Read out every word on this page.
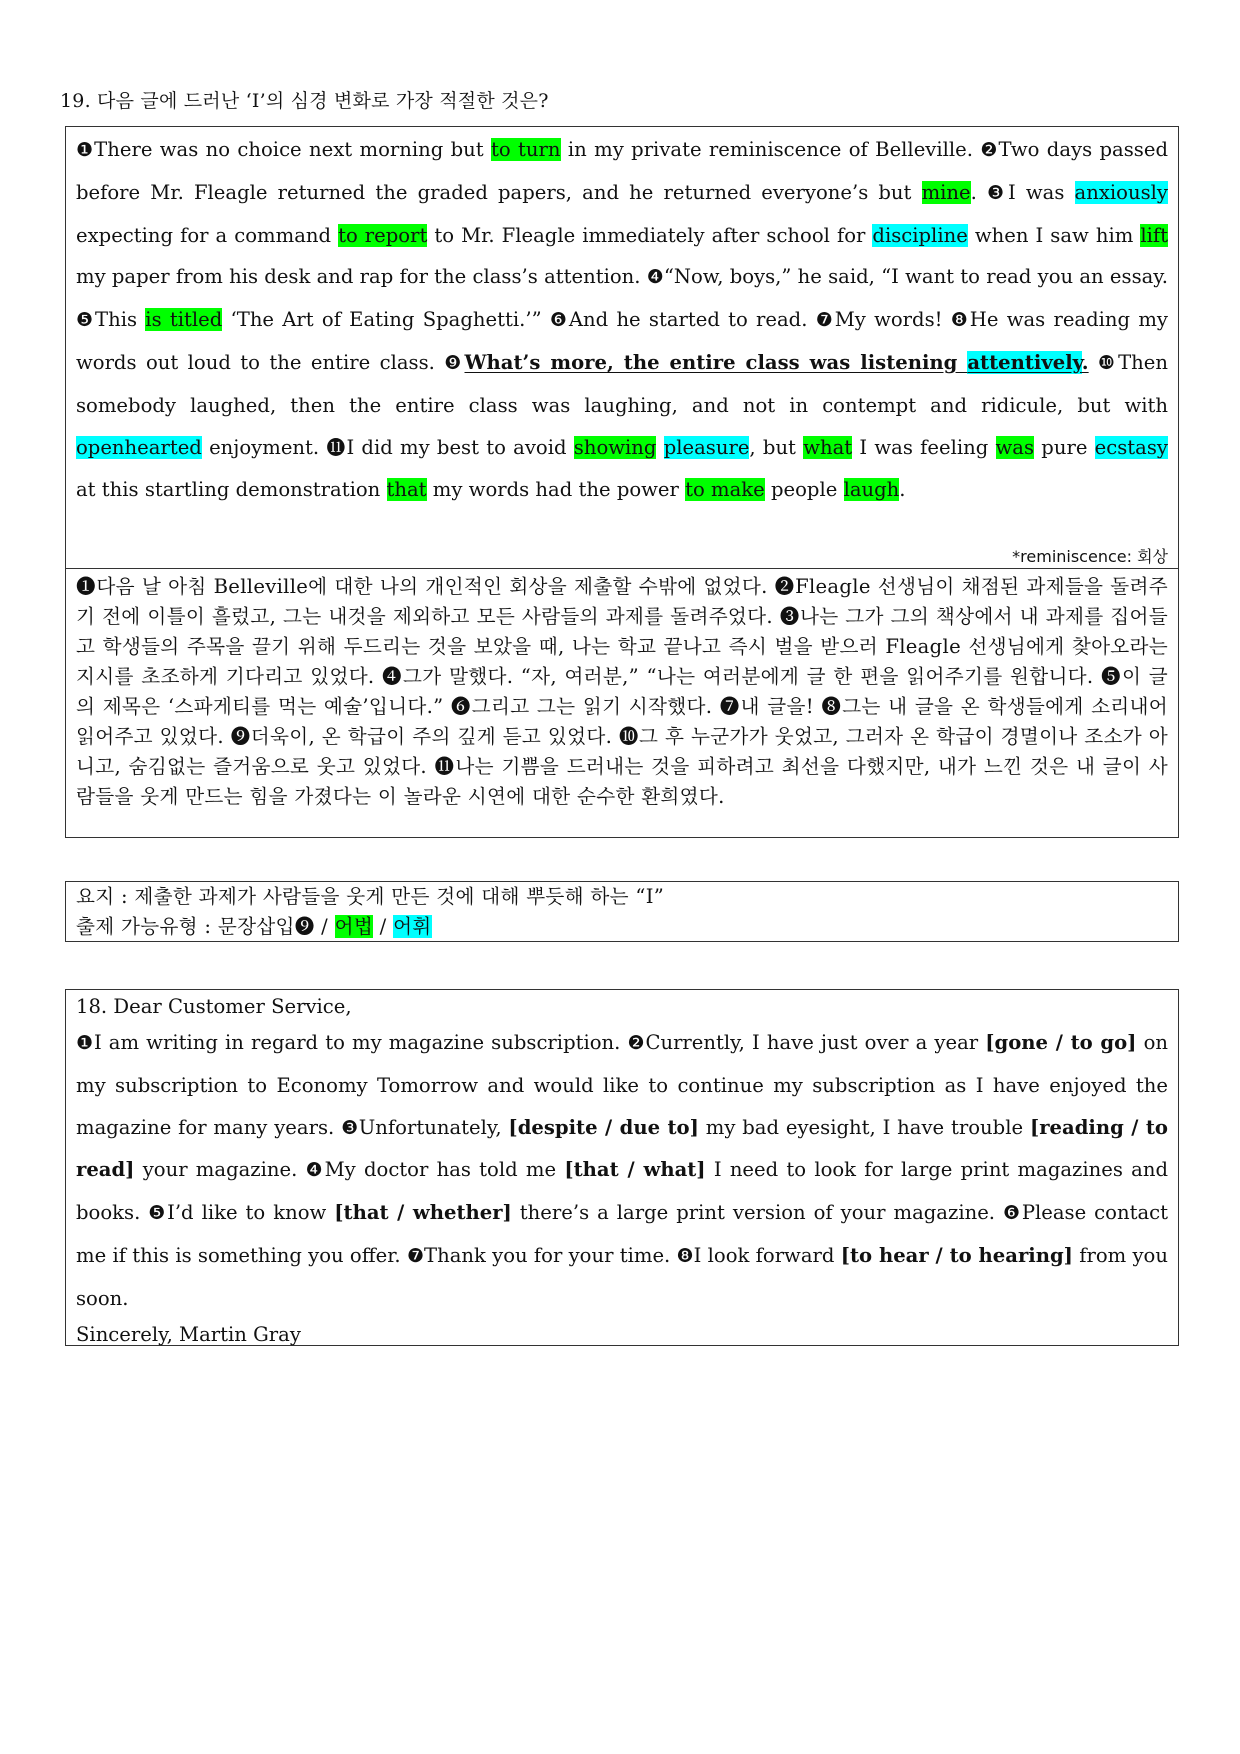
19. 다음 글에 드러난 ‘I’의 심경 변화로 가장 적절한 것은?

❶There was no choice next morning but to turn in my private reminiscence of Belleville. ❷Two days passed before Mr. Fleagle returned the graded papers, and he returned everyone’s but mine. ❸I was anxiously expecting for a command to report to Mr. Fleagle immediately after school for discipline when I saw him lift my paper from his desk and rap for the class’s attention. ❹“Now, boys,” he said, “I want to read you an essay. ❺This is titled ‘The Art of Eating Spaghetti.’” ❻And he started to read. ❼My words! ❽He was reading my words out loud to the entire class. ❾What’s more, the entire class was listening attentively. ❿Then somebody laughed, then the entire class was laughing, and not in contempt and ridicule, but with openhearted enjoyment. ⓫I did my best to avoid showing pleasure, but what I was feeling was pure ecstasy at this startling demonstration that my words had the power to make people laugh.

*reminiscence: 회상

❶다음 날 아침 Belleville에 대한 나의 개인적인 회상을 제출할 수밖에 없었다. ❷Fleagle 선생님이 채점된 과제들을 돌려주기 전에 이틀이 흘렀고, 그는 내것을 제외하고 모든 사람들의 과제를 돌려주었다. ❸나는 그가 그의 책상에서 내 과제를 집어들고 학생들의 주목을 끌기 위해 두드리는 것을 보았을 때, 나는 학교 끝나고 즉시 벌을 받으러 Fleagle 선생님에게 찾아오라는 지시를 초조하게 기다리고 있었다. ❹그가 말했다. “자, 여러분,” “나는 여러분에게 글 한 편을 읽어주기를 원합니다. ❺이 글의 제목은 ‘스파게티를 먹는 예술’입니다.” ❻그리고 그는 읽기 시작했다. ❼내 글을! ❽그는 내 글을 온 학생들에게 소리내어 읽어주고 있었다. ❾더욱이, 온 학급이 주의 깊게 듣고 있었다. ❿그 후 누군가가 웃었고, 그러자 온 학급이 경멸이나 조소가 아니고, 숨김없는 즐거움으로 웃고 있었다. ⓫나는 기쁨을 드러내는 것을 피하려고 최선을 다했지만, 내가 느낀 것은 내 글이 사람들을 웃게 만드는 힘을 가졌다는 이 놀라운 시연에 대한 순수한 환희였다.

요지 : 제출한 과제가 사람들을 웃게 만든 것에 대해 뿌듯해 하는 “I”

출제 가능유형 : 문장삽입❾ / 어법 / 어휘

18. Dear Customer Service,

❶I am writing in regard to my magazine subscription. ❷Currently, I have just over a year [gone / to go] on my subscription to Economy Tomorrow and would like to continue my subscription as I have enjoyed the magazine for many years. ❸Unfortunately, [despite / due to] my bad eyesight, I have trouble [reading / to read] your magazine. ❹My doctor has told me [that / what] I need to look for large print magazines and books. ❺I’d like to know [that / whether] there’s a large print version of your magazine. ❻Please contact me if this is something you offer. ❼Thank you for your time. ❽I look forward [to hear / to hearing] from you soon.

Sincerely, Martin Gray
